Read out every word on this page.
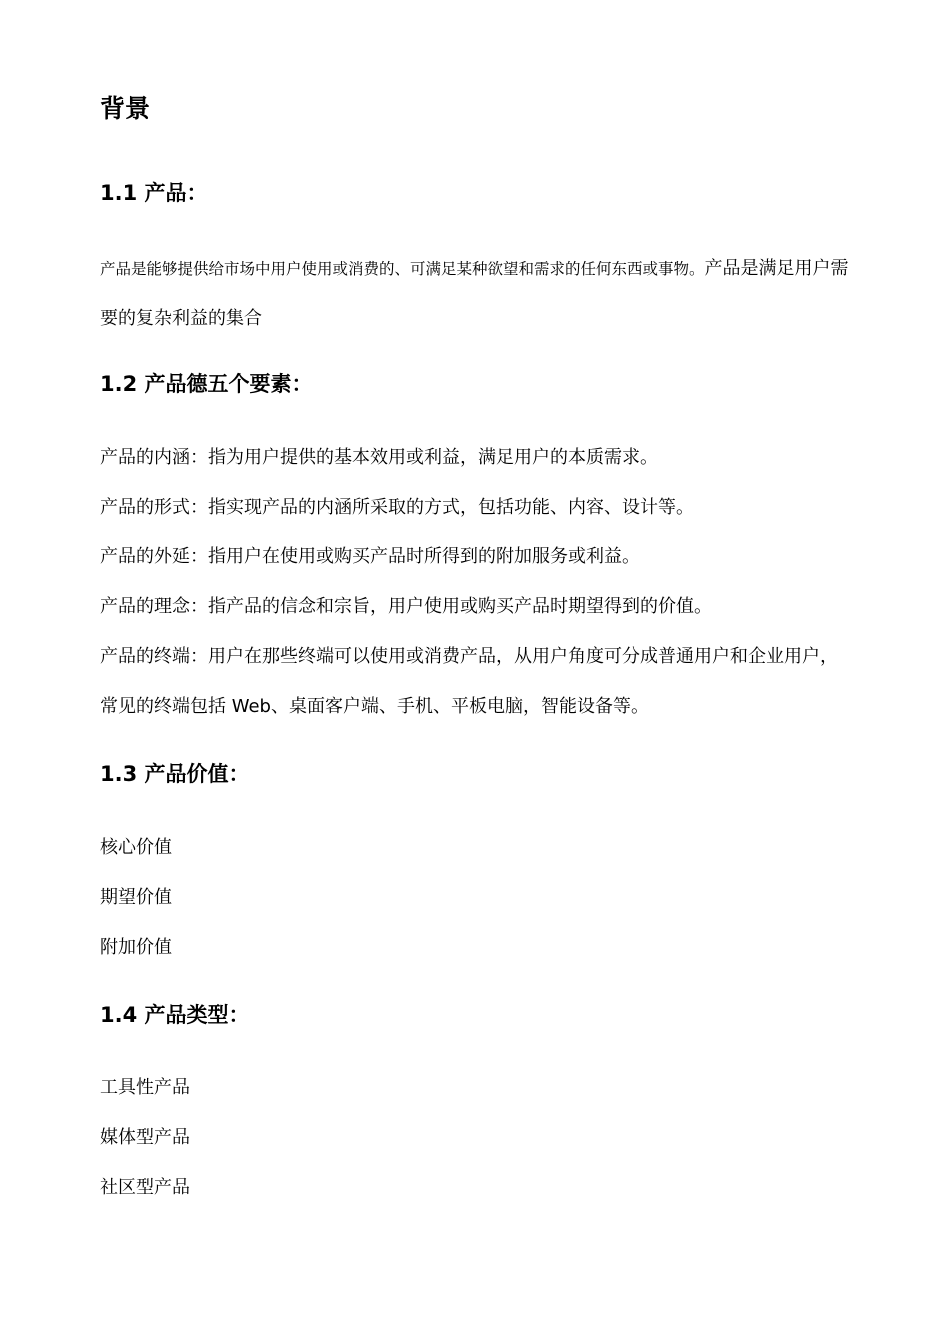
背景
1.1 产品：

产品是能够提供给市场中用户使用或消费的、可满足某种欲望和需求的任何东西或事物。产品是满足用户需要的复杂利益的集合

1.2 产品德五个要素：

产品的内涵：指为用户提供的基本效用或利益，满足用户的本质需求。

产品的形式：指实现产品的内涵所采取的方式，包括功能、内容、设计等。

产品的外延：指用户在使用或购买产品时所得到的附加服务或利益。

产品的理念：指产品的信念和宗旨，用户使用或购买产品时期望得到的价值。

产品的终端：用户在那些终端可以使用或消费产品，从用户角度可分成普通用户和企业用户，常见的终端包括 Web、桌面客户端、手机、平板电脑，智能设备等。

1.3 产品价值：

核心价值

期望价值

附加价值

1.4 产品类型：

工具性产品

媒体型产品

社区型产品
